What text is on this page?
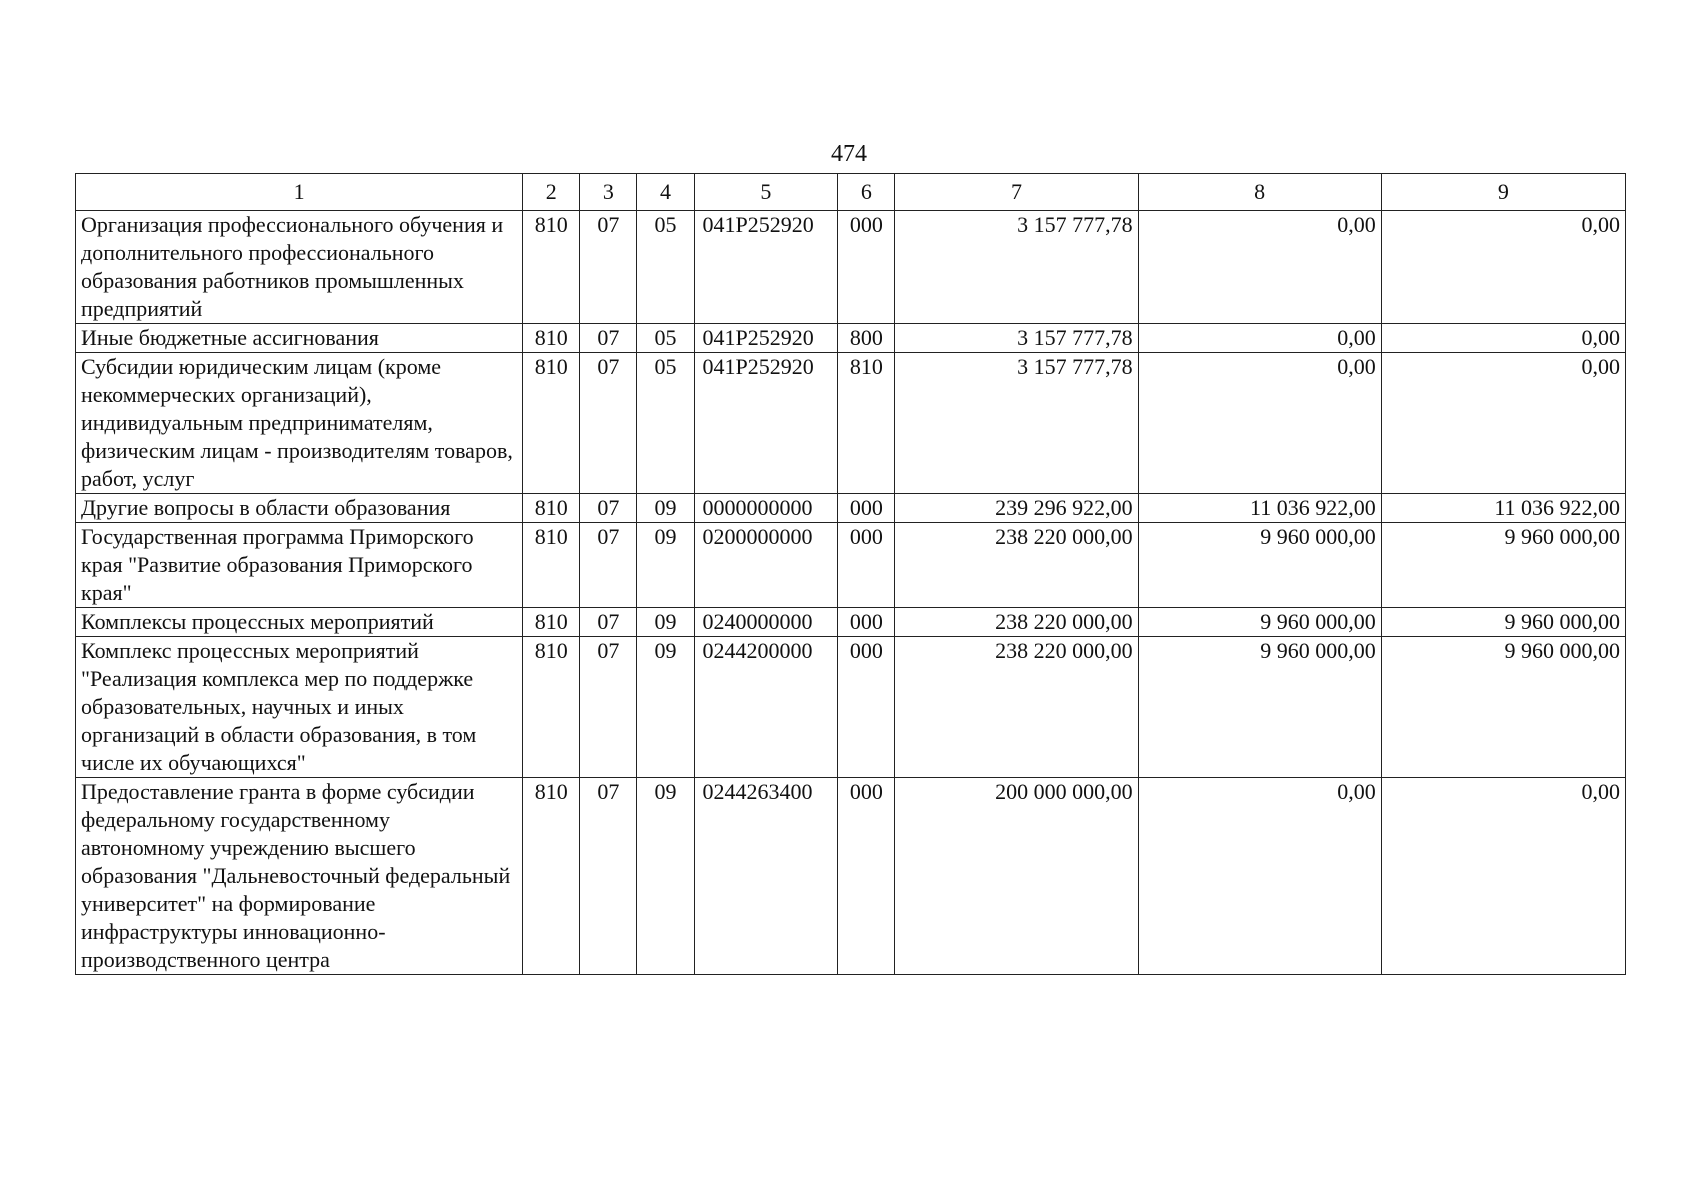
474
1	2	3	4	5	6	7	8	9
Организация профессионального обучения и дополнительного профессионального образования работников промышленных предприятий	810	07	05	041P252920	000	3 157 777,78	0,00	0,00
Иные бюджетные ассигнования	810	07	05	041P252920	800	3 157 777,78	0,00	0,00
Субсидии юридическим лицам (кроме некоммерческих организаций), индивидуальным предпринимателям, физическим лицам - производителям товаров, работ, услуг	810	07	05	041P252920	810	3 157 777,78	0,00	0,00
Другие вопросы в области образования	810	07	09	0000000000	000	239 296 922,00	11 036 922,00	11 036 922,00
Государственная программа Приморского края "Развитие образования Приморского края"	810	07	09	0200000000	000	238 220 000,00	9 960 000,00	9 960 000,00
Комплексы процессных мероприятий	810	07	09	0240000000	000	238 220 000,00	9 960 000,00	9 960 000,00
Комплекс процессных мероприятий "Реализация комплекса мер по поддержке образовательных, научных и иных организаций в области образования, в том числе их обучающихся"	810	07	09	0244200000	000	238 220 000,00	9 960 000,00	9 960 000,00
Предоставление гранта в форме субсидии федеральному государственному автономному учреждению высшего образования "Дальневосточный федеральный университет" на формирование инфраструктуры инновационно-производственного центра	810	07	09	0244263400	000	200 000 000,00	0,00	0,00
